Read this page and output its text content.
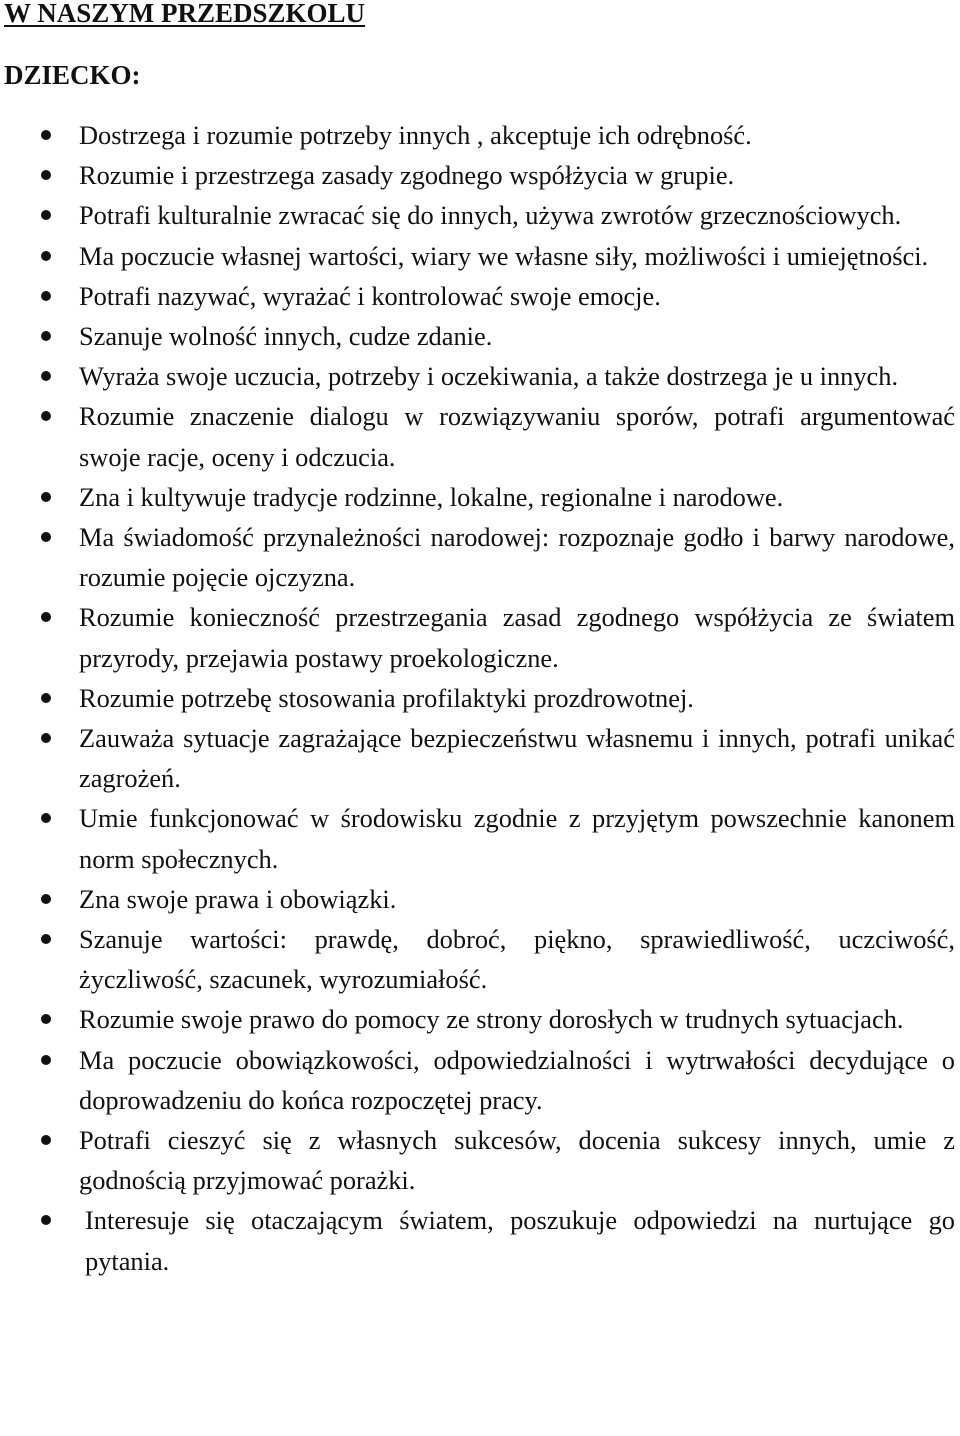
W NASZYM PRZEDSZKOLU
DZIECKO:
Dostrzega i rozumie potrzeby innych , akceptuje ich odrębność.
Rozumie i przestrzega zasady zgodnego współżycia w grupie.
Potrafi kulturalnie zwracać się do innych, używa zwrotów grzecznościowych.
Ma poczucie własnej wartości, wiary we własne siły, możliwości i umiejętności.
Potrafi nazywać, wyrażać i kontrolować swoje emocje.
Szanuje wolność innych, cudze zdanie.
Wyraża swoje uczucia, potrzeby i oczekiwania, a także dostrzega je u innych.
Rozumie znaczenie dialogu w rozwiązywaniu sporów, potrafi argumentować swoje racje, oceny i odczucia.
Zna i kultywuje tradycje rodzinne, lokalne, regionalne i narodowe.
Ma świadomość przynależności narodowej: rozpoznaje godło i barwy narodowe, rozumie pojęcie ojczyzna.
Rozumie konieczność przestrzegania zasad zgodnego współżycia ze światem przyrody, przejawia postawy proekologiczne.
Rozumie potrzebę stosowania profilaktyki prozdrowotnej.
Zauważa sytuacje zagrażające bezpieczeństwu własnemu i innych, potrafi unikać zagrożeń.
Umie funkcjonować w środowisku zgodnie z przyjętym powszechnie kanonem norm społecznych.
Zna swoje prawa i obowiązki.
Szanuje wartości: prawdę, dobroć, piękno, sprawiedliwość, uczciwość, życzliwość, szacunek, wyrozumiałość.
Rozumie swoje prawo do pomocy ze strony dorosłych w trudnych sytuacjach.
Ma poczucie obowiązkowości, odpowiedzialności i wytrwałości decydujące o doprowadzeniu do końca rozpoczętej pracy.
Potrafi cieszyć się z własnych sukcesów, docenia sukcesy innych, umie z godnością przyjmować porażki.
Interesuje się otaczającym światem, poszukuje odpowiedzi na nurtujące go pytania.
